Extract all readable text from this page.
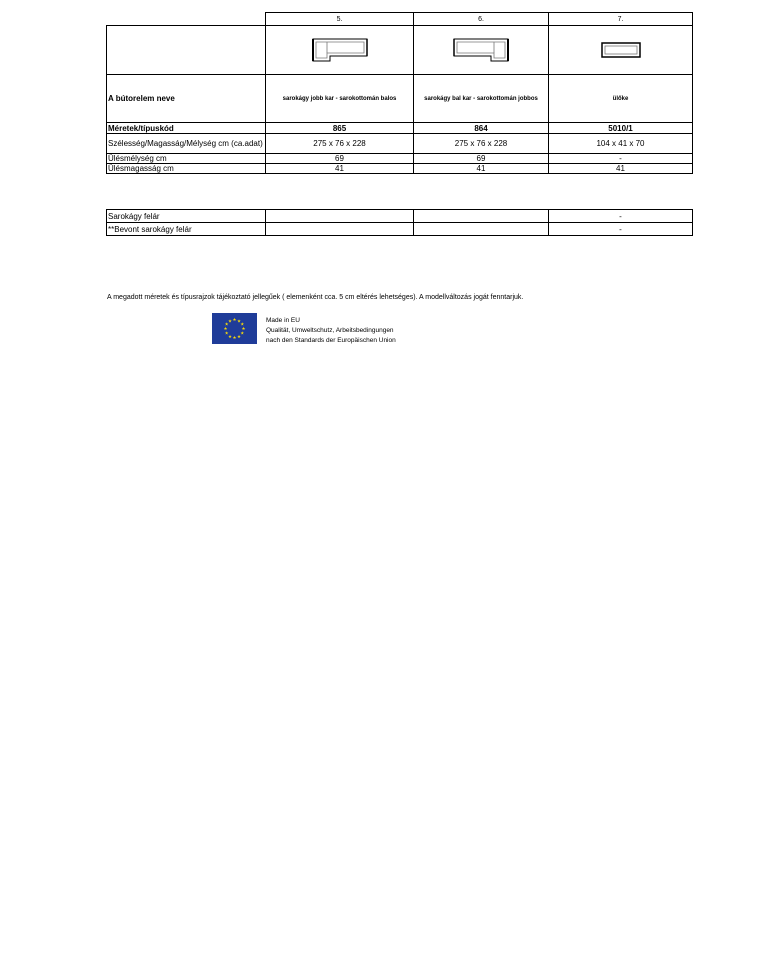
	5.	6.	7.

A bútorelem neve	sarokágy jobb kar - sarokottomán balos	sarokágy bal kar - sarokottomán jobbos	ülőke
Méretek/típuskód	865	864	5010/1
Szélesség/Magasság/Mélység cm (ca.adat)	275 x 76 x 228	275 x 76 x 228	104 x 41 x 70
Ülésmélység cm	69	69	-
Ülésmagasság cm	41	41	41
Sarokágy felár			-
**Bevont sarokágy felár			-
A megadott méretek és típusrajzok tájékoztató jellegűek ( elemenként cca. 5 cm eltérés lehetséges). A modellváltozás jogát fenntarjuk.
★
★
★
★
★
★
★
★
★ ★ ★
★
Made in EU
Qualität, Umweltschutz, Arbeitsbedingungen
nach den Standards der Europäischen Union
